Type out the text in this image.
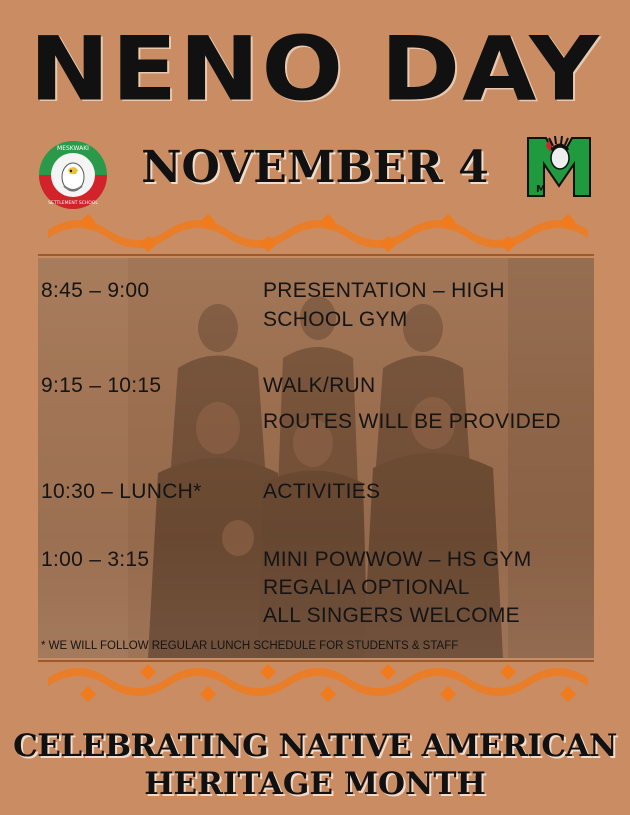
NENO DAY
MESKWAKI
SETTLEMENT SCHOOL
NOVEMBER 4	M
8:45 – 9:00	PRESENTATION – HIGH
SCHOOL GYM
9:15 – 10:15	WALK/RUN
ROUTES WILL BE PROVIDED
10:30 – LUNCH*	ACTIVITIES
1:00 – 3:15	MINI POWWOW – HS GYM
REGALIA OPTIONAL
ALL SINGERS WELCOME
* WE WILL FOLLOW REGULAR LUNCH SCHEDULE FOR STUDENTS & STAFF
CELEBRATING NATIVE AMERICAN
HERITAGE MONTH
